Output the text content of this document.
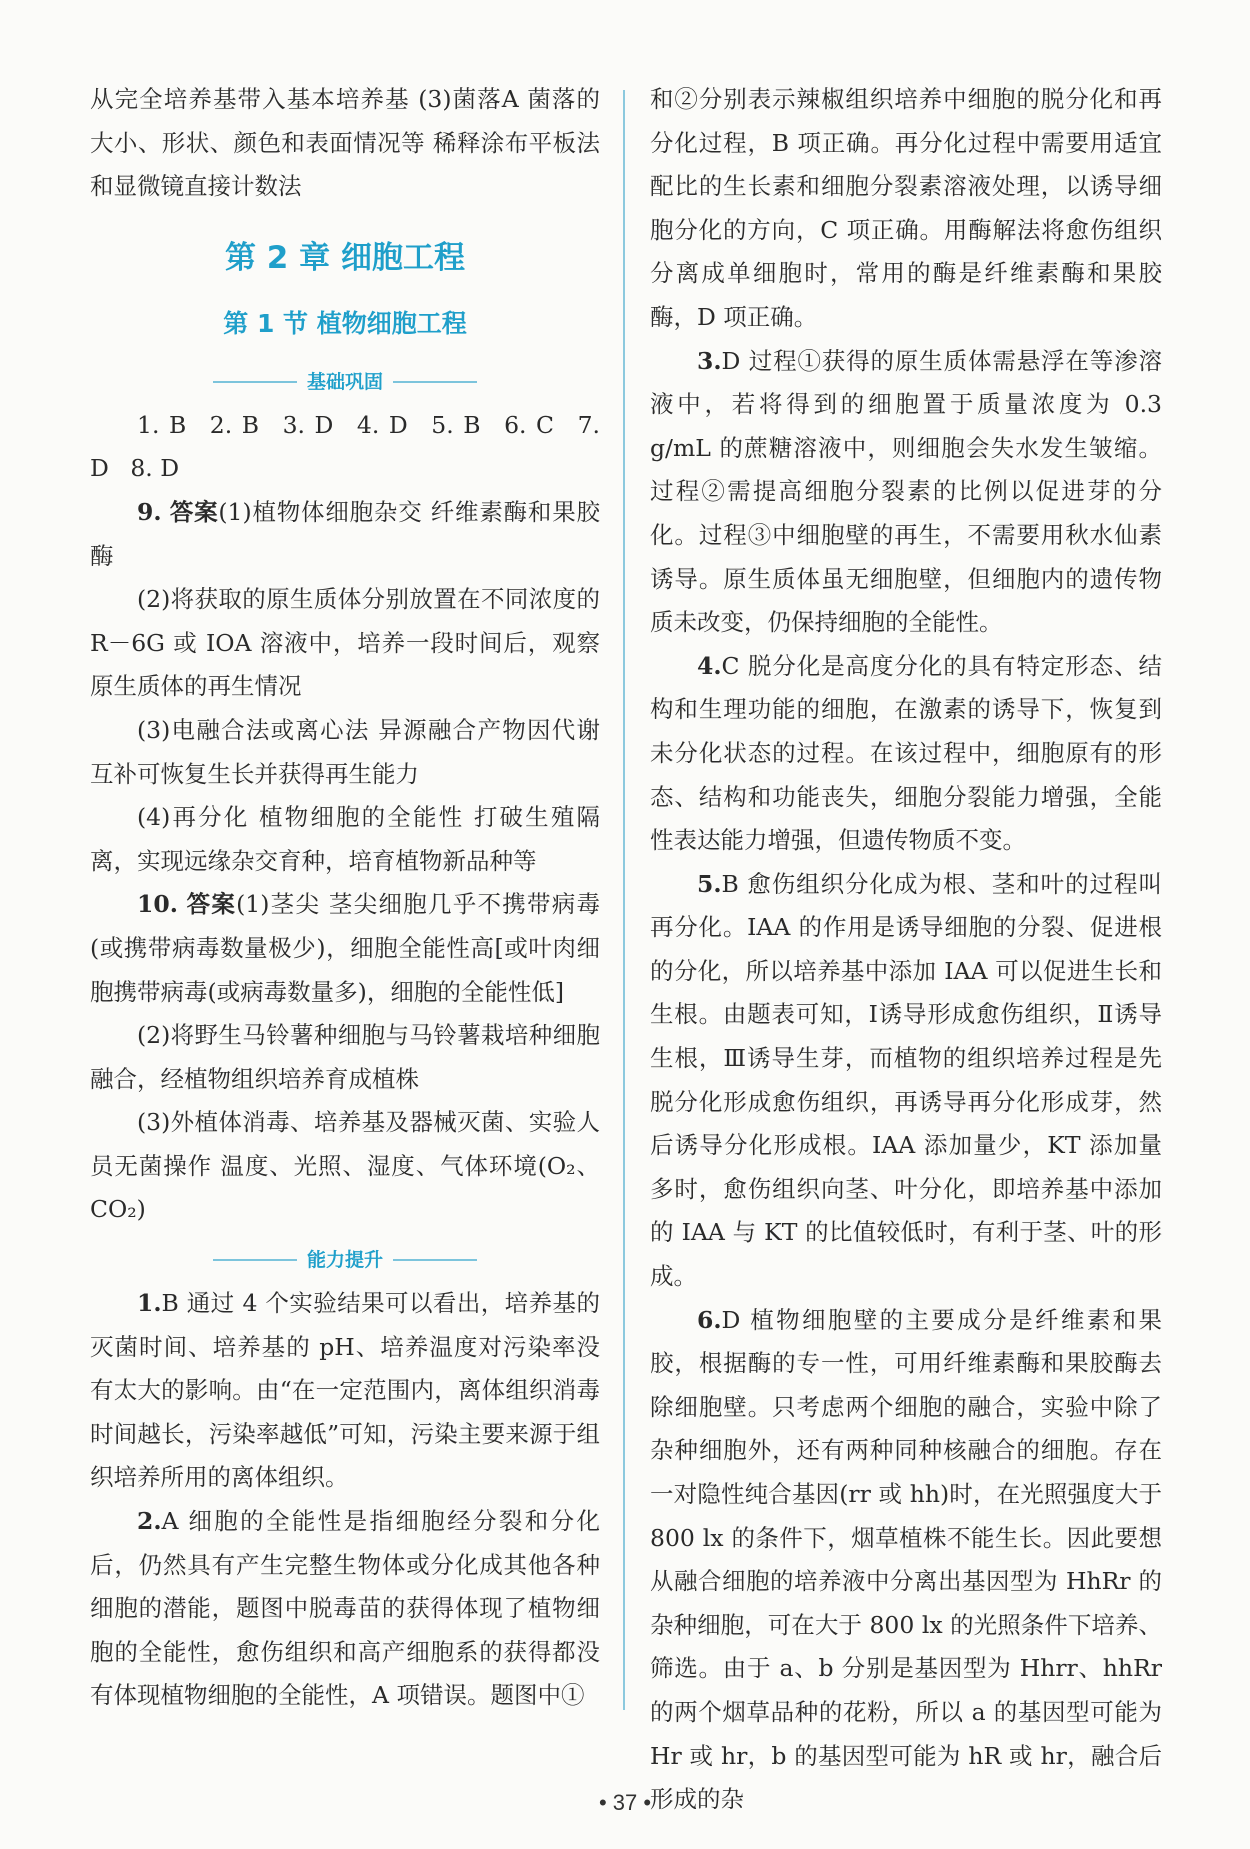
从完全培养基带入基本培养基 (3)菌落A 菌落的大小、形状、颜色和表面情况等 稀释涂布平板法和显微镜直接计数法

第 2 章 细胞工程
第 1 节 植物细胞工程
基础巩固

1. B 2. B 3. D 4. D 5. B 6. C 7. D 8. D

9. 答案(1)植物体细胞杂交 纤维素酶和果胶酶

(2)将获取的原生质体分别放置在不同浓度的 R－6G 或 IOA 溶液中，培养一段时间后，观察原生质体的再生情况

(3)电融合法或离心法 异源融合产物因代谢互补可恢复生长并获得再生能力

(4)再分化 植物细胞的全能性 打破生殖隔离，实现远缘杂交育种，培育植物新品种等

10. 答案(1)茎尖 茎尖细胞几乎不携带病毒(或携带病毒数量极少)，细胞全能性高[或叶肉细胞携带病毒(或病毒数量多)，细胞的全能性低]

(2)将野生马铃薯种细胞与马铃薯栽培种细胞融合，经植物组织培养育成植株

(3)外植体消毒、培养基及器械灭菌、实验人员无菌操作 温度、光照、湿度、气体环境(O₂、CO₂)

能力提升

1.B 通过 4 个实验结果可以看出，培养基的灭菌时间、培养基的 pH、培养温度对污染率没有太大的影响。由“在一定范围内，离体组织消毒时间越长，污染率越低”可知，污染主要来源于组织培养所用的离体组织。

2.A 细胞的全能性是指细胞经分裂和分化后，仍然具有产生完整生物体或分化成其他各种细胞的潜能，题图中脱毒苗的获得体现了植物细胞的全能性，愈伤组织和高产细胞系的获得都没有体现植物细胞的全能性，A 项错误。题图中①

和②分别表示辣椒组织培养中细胞的脱分化和再分化过程，B 项正确。再分化过程中需要用适宜配比的生长素和细胞分裂素溶液处理，以诱导细胞分化的方向，C 项正确。用酶解法将愈伤组织分离成单细胞时，常用的酶是纤维素酶和果胶酶，D 项正确。

3.D 过程①获得的原生质体需悬浮在等渗溶液中，若将得到的细胞置于质量浓度为 0.3 g/mL 的蔗糖溶液中，则细胞会失水发生皱缩。过程②需提高细胞分裂素的比例以促进芽的分化。过程③中细胞壁的再生，不需要用秋水仙素诱导。原生质体虽无细胞壁，但细胞内的遗传物质未改变，仍保持细胞的全能性。

4.C 脱分化是高度分化的具有特定形态、结构和生理功能的细胞，在激素的诱导下，恢复到未分化状态的过程。在该过程中，细胞原有的形态、结构和功能丧失，细胞分裂能力增强，全能性表达能力增强，但遗传物质不变。

5.B 愈伤组织分化成为根、茎和叶的过程叫再分化。IAA 的作用是诱导细胞的分裂、促进根的分化，所以培养基中添加 IAA 可以促进生长和生根。由题表可知，Ⅰ诱导形成愈伤组织，Ⅱ诱导生根，Ⅲ诱导生芽，而植物的组织培养过程是先脱分化形成愈伤组织，再诱导再分化形成芽，然后诱导分化形成根。IAA 添加量少，KT 添加量多时，愈伤组织向茎、叶分化，即培养基中添加的 IAA 与 KT 的比值较低时，有利于茎、叶的形成。

6.D 植物细胞壁的主要成分是纤维素和果胶，根据酶的专一性，可用纤维素酶和果胶酶去除细胞壁。只考虑两个细胞的融合，实验中除了杂种细胞外，还有两种同种核融合的细胞。存在一对隐性纯合基因(rr 或 hh)时，在光照强度大于 800 lx 的条件下，烟草植株不能生长。因此要想从融合细胞的培养液中分离出基因型为 HhRr 的杂种细胞，可在大于 800 lx 的光照条件下培养、筛选。由于 a、b 分别是基因型为 Hhrr、hhRr 的两个烟草品种的花粉，所以 a 的基因型可能为 Hr 或 hr，b 的基因型可能为 hR 或 hr，融合后形成的杂

• 37 •
